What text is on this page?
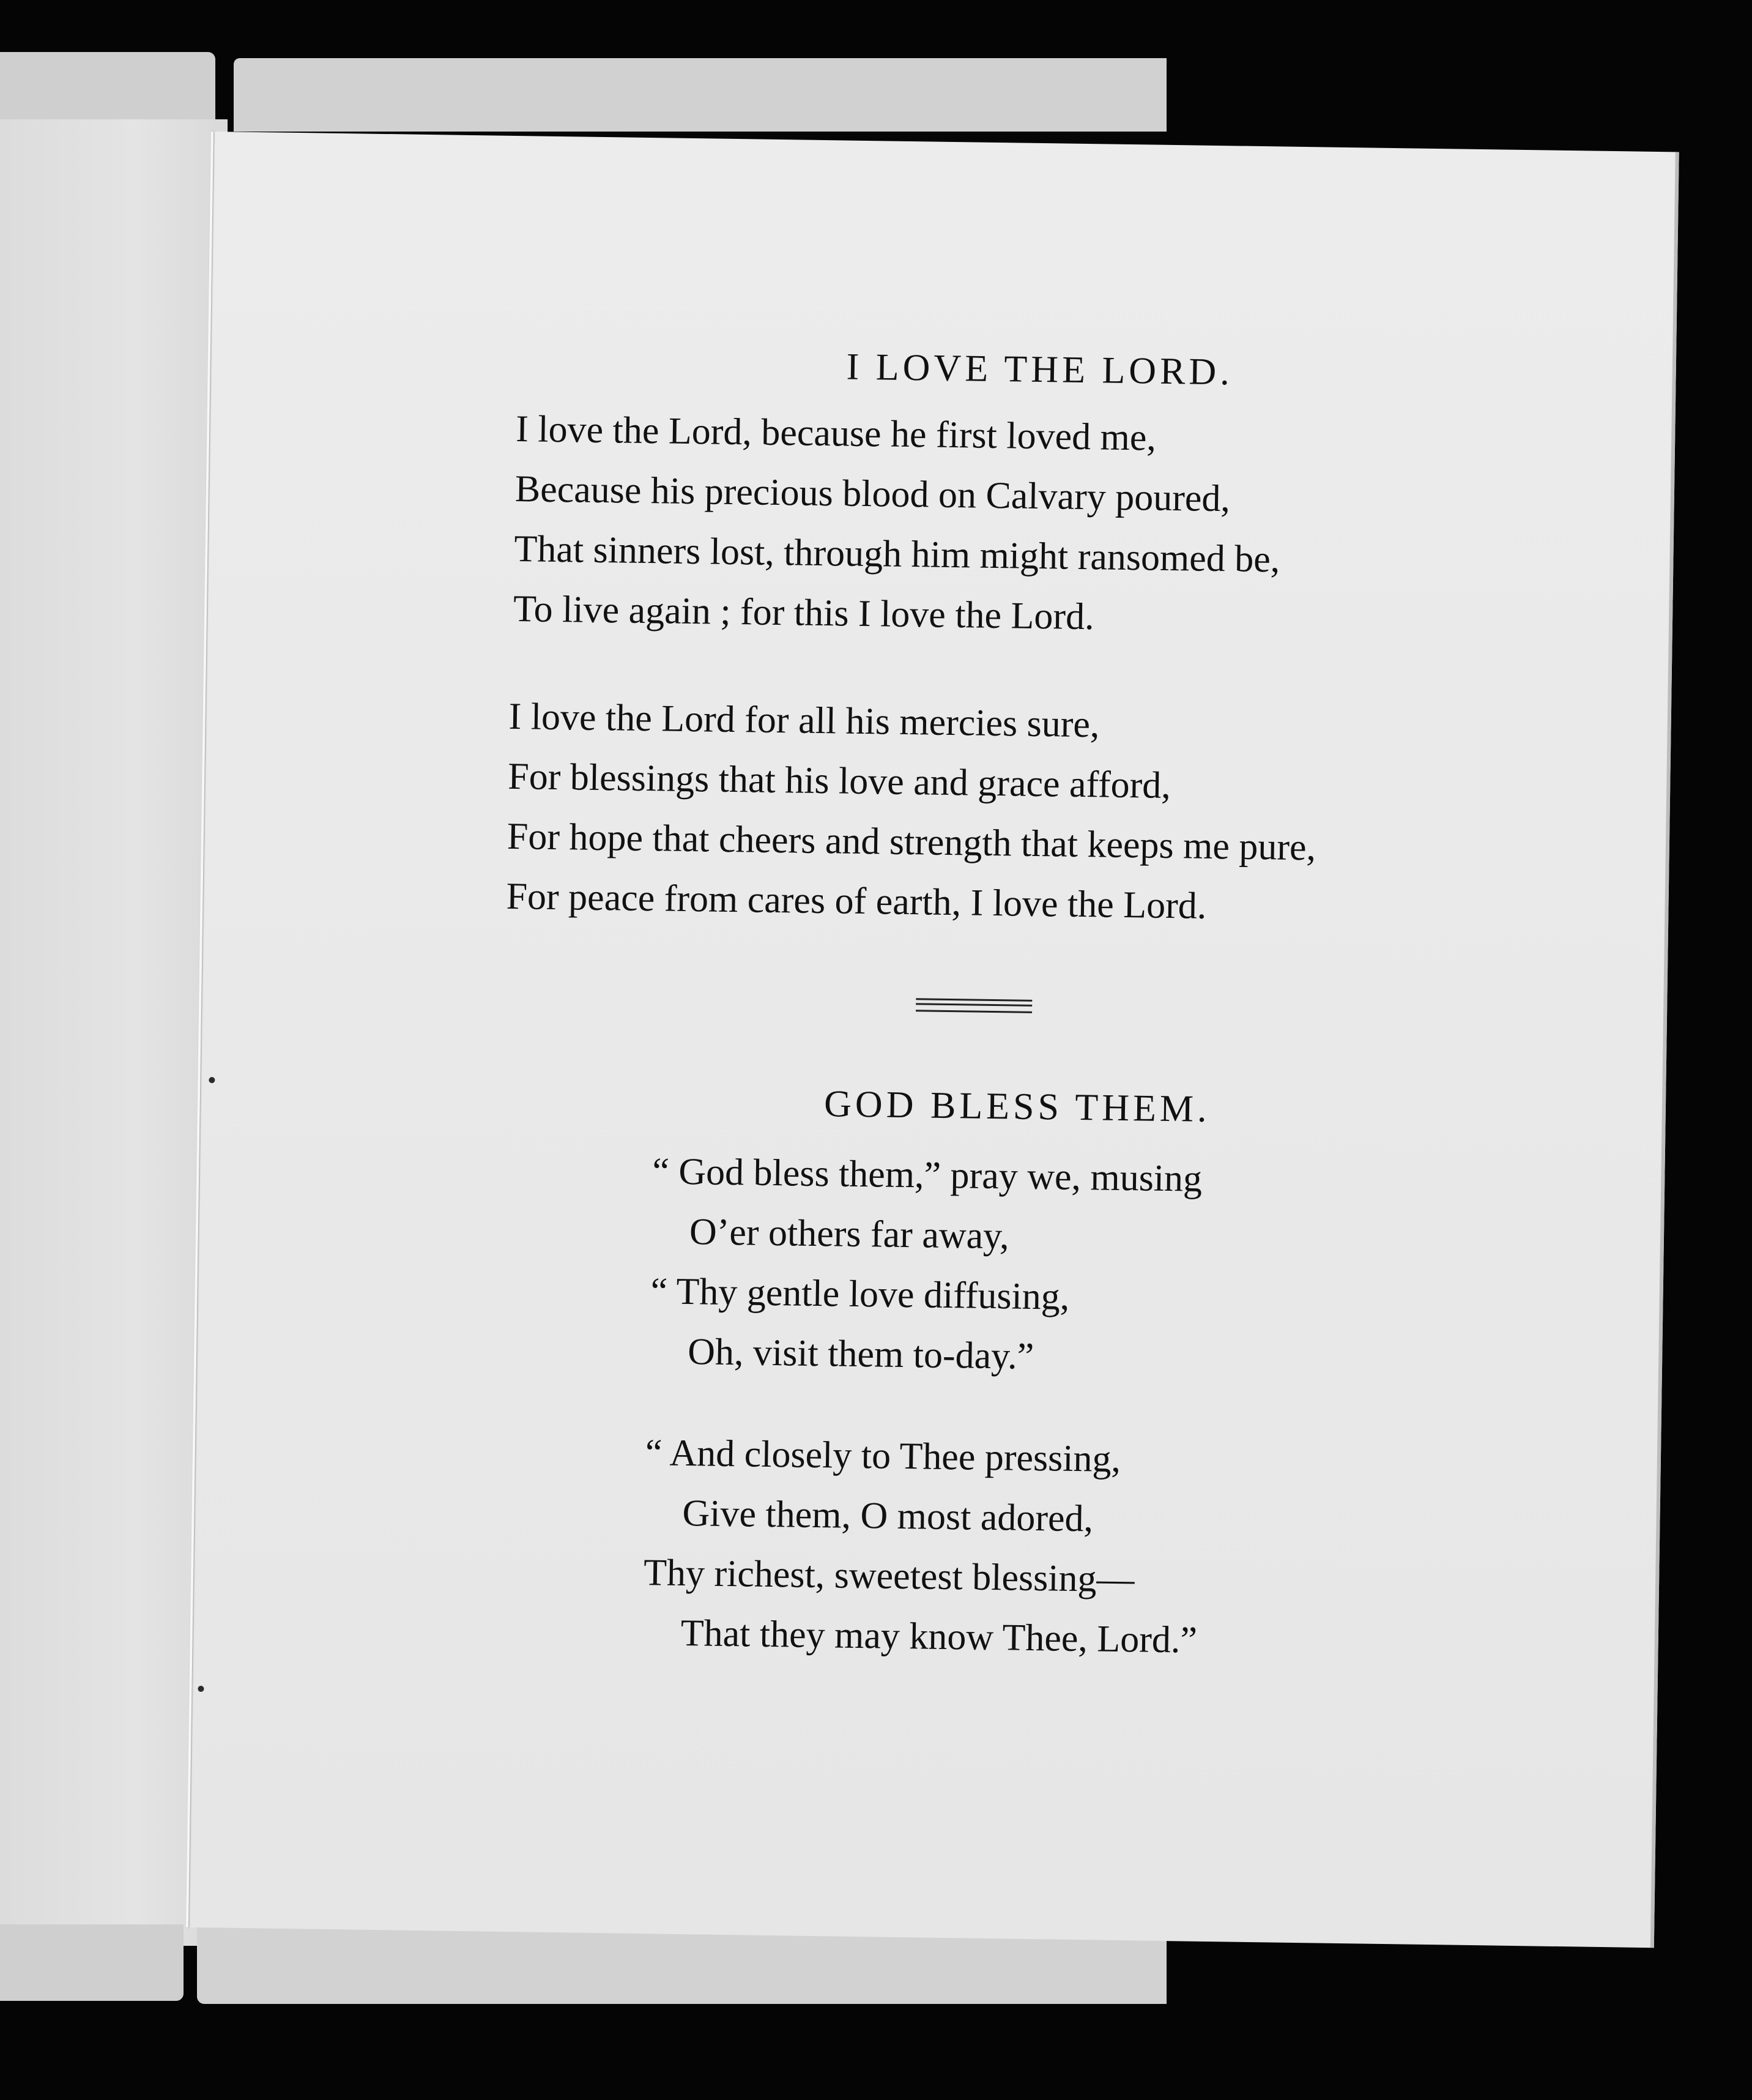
I LOVE THE LORD.
I love the Lord, because he first loved me,
Because his precious blood on Calvary poured,
That sinners lost, through him might ransomed be,
To live again ; for this I love the Lord.
I love the Lord for all his mercies sure,
For blessings that his love and grace afford,
For hope that cheers and strength that keeps me pure,
For peace from cares of earth, I love the Lord.
GOD BLESS THEM.
“ God bless them,” pray we, musing
O’er others far away,
“ Thy gentle love diffusing,
Oh, visit them to-day.”
“ And closely to Thee pressing,
Give them, O most adored,
Thy richest, sweetest blessing—
That they may know Thee, Lord.”
